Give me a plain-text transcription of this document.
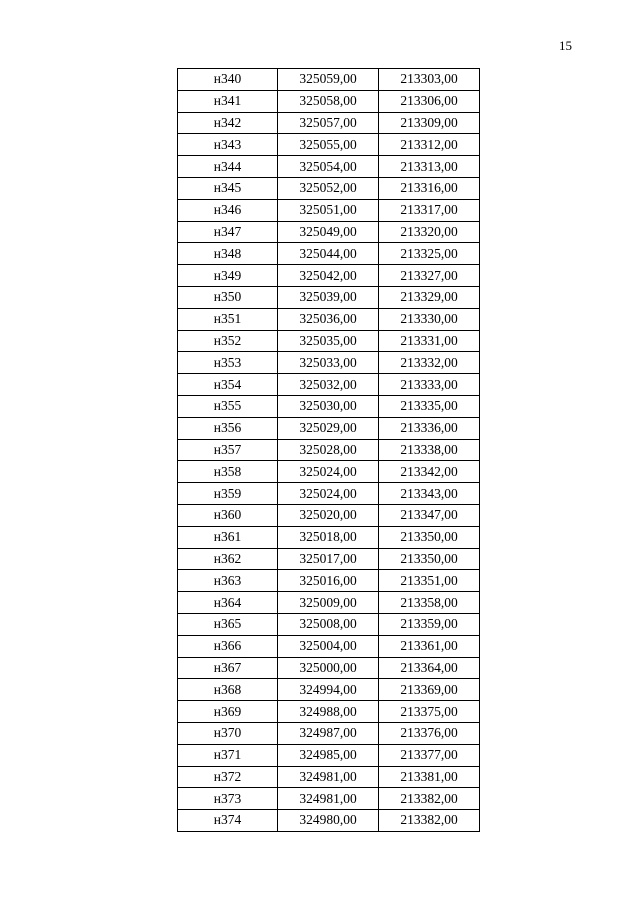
15
н340	325059,00	213303,00
н341	325058,00	213306,00
н342	325057,00	213309,00
н343	325055,00	213312,00
н344	325054,00	213313,00
н345	325052,00	213316,00
н346	325051,00	213317,00
н347	325049,00	213320,00
н348	325044,00	213325,00
н349	325042,00	213327,00
н350	325039,00	213329,00
н351	325036,00	213330,00
н352	325035,00	213331,00
н353	325033,00	213332,00
н354	325032,00	213333,00
н355	325030,00	213335,00
н356	325029,00	213336,00
н357	325028,00	213338,00
н358	325024,00	213342,00
н359	325024,00	213343,00
н360	325020,00	213347,00
н361	325018,00	213350,00
н362	325017,00	213350,00
н363	325016,00	213351,00
н364	325009,00	213358,00
н365	325008,00	213359,00
н366	325004,00	213361,00
н367	325000,00	213364,00
н368	324994,00	213369,00
н369	324988,00	213375,00
н370	324987,00	213376,00
н371	324985,00	213377,00
н372	324981,00	213381,00
н373	324981,00	213382,00
н374	324980,00	213382,00
